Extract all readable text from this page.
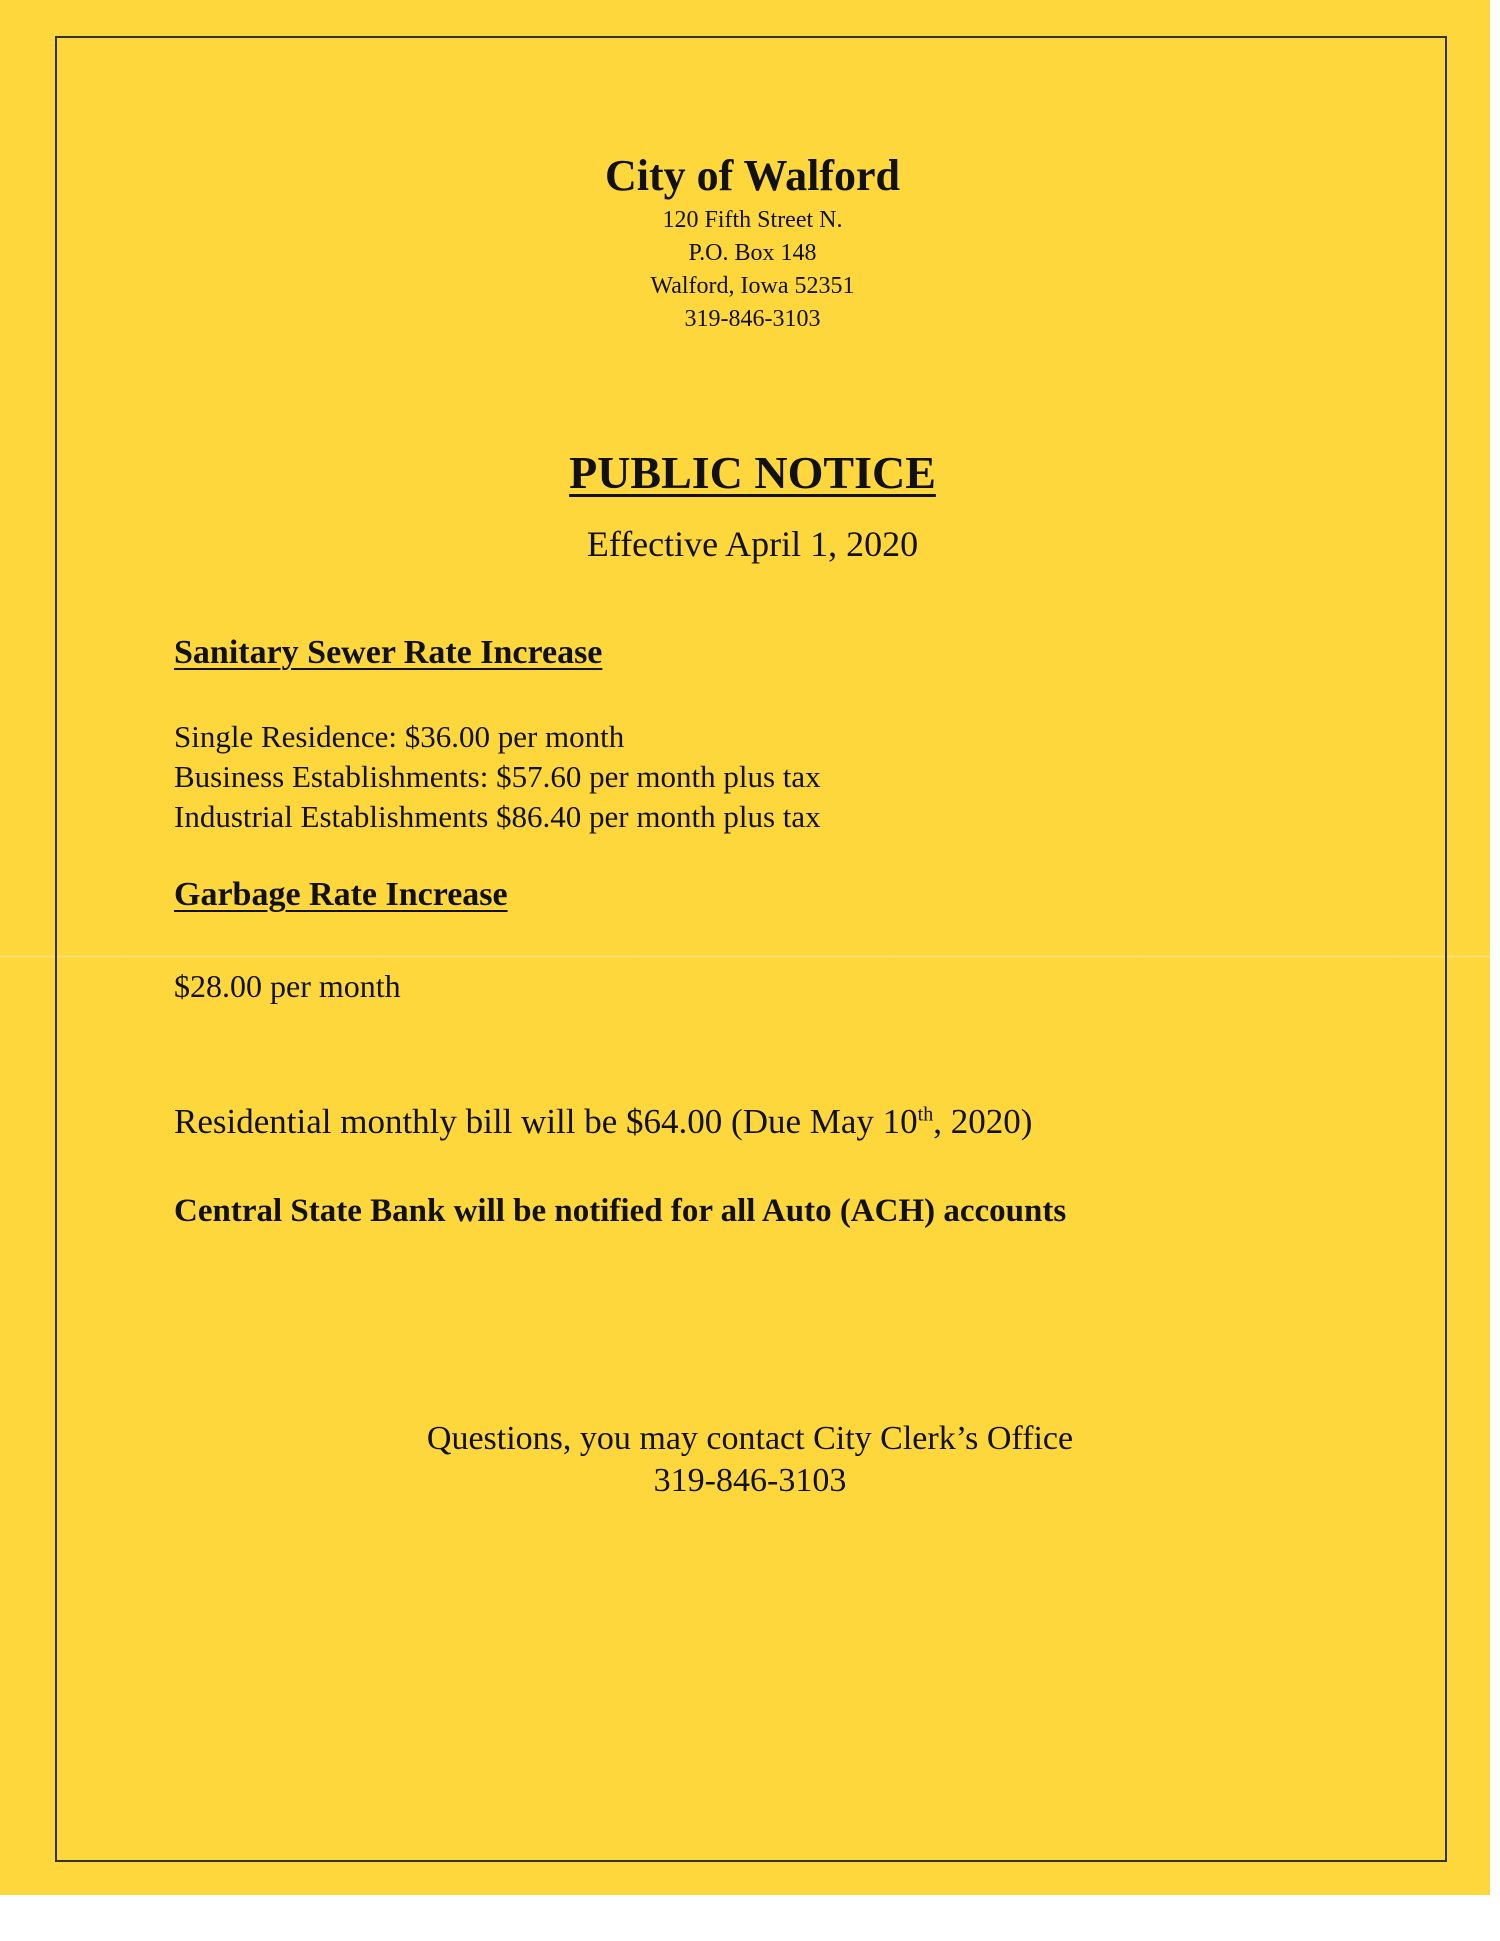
City of Walford
120 Fifth Street N.
P.O. Box 148
Walford, Iowa 52351
319-846-3103
PUBLIC NOTICE
Effective April 1, 2020
Sanitary Sewer Rate Increase
Single Residence: $36.00 per month
Business Establishments: $57.60 per month plus tax
Industrial Establishments $86.40 per month plus tax
Garbage Rate Increase
$28.00 per month
Residential monthly bill will be $64.00 (Due May 10th, 2020)
Central State Bank will be notified for all Auto (ACH) accounts
Questions, you may contact City Clerk’s Office
319-846-3103
